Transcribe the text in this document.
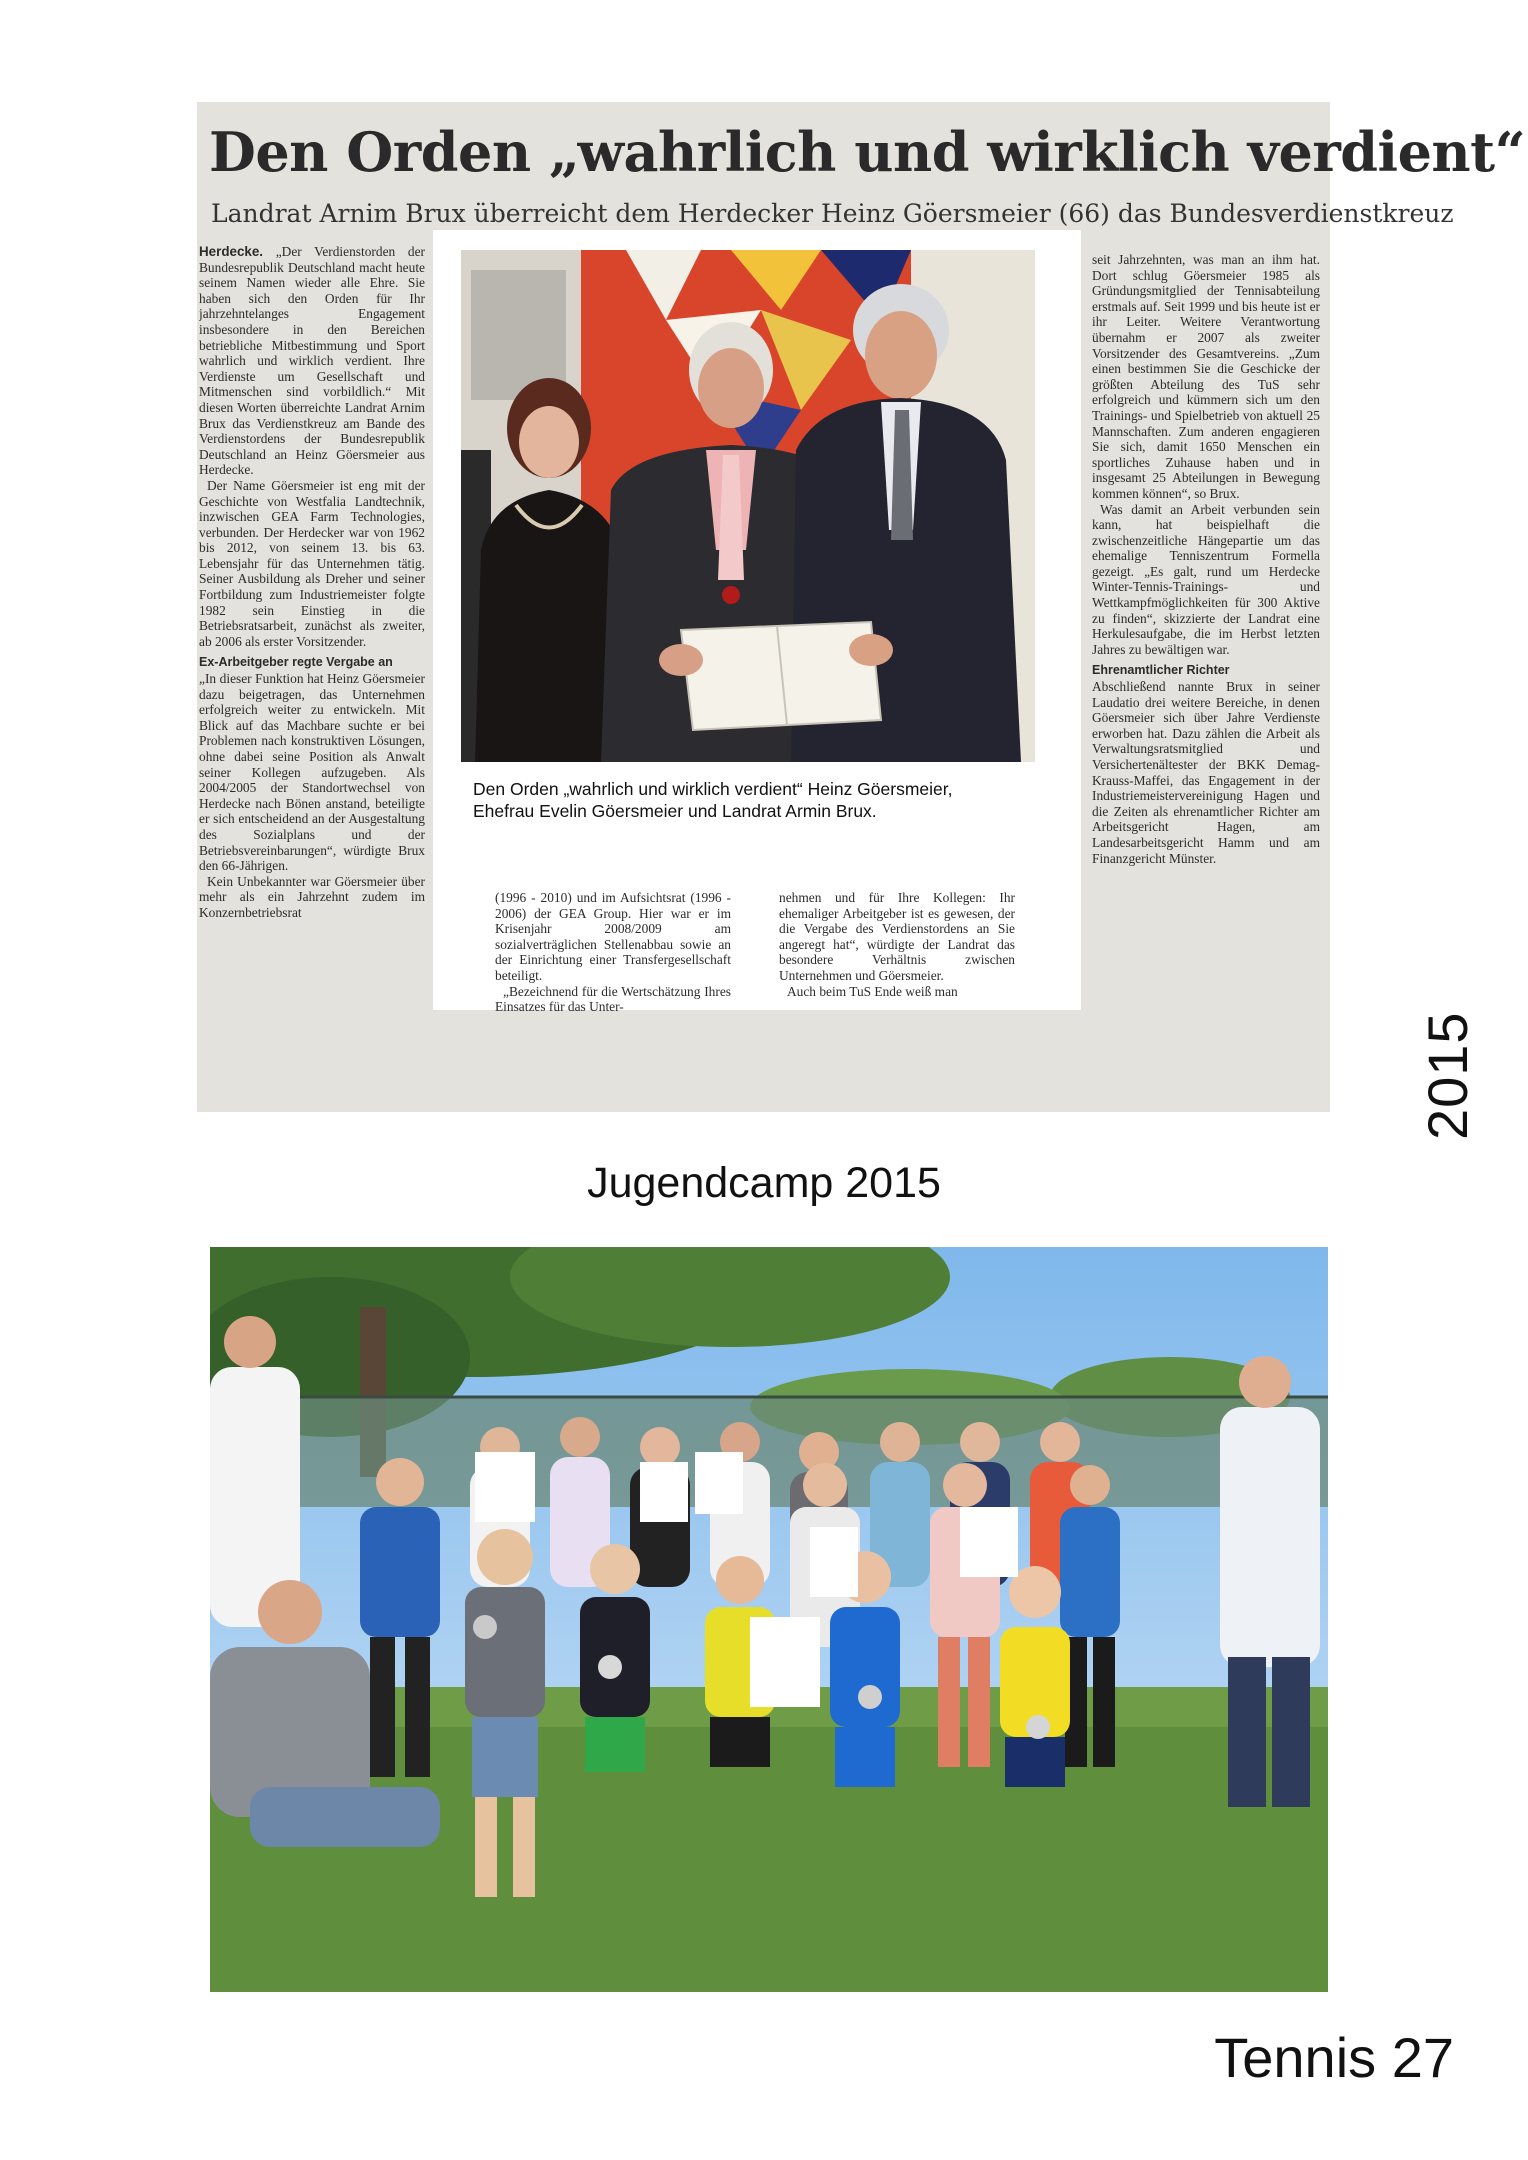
Den Orden „wahrlich und wirklich verdient“
Landrat Arnim Brux überreicht dem Herdecker Heinz Göersmeier (66) das Bundesverdienstkreuz

Herdecke. „Der Verdienstorden der Bundesrepublik Deutschland macht heute seinem Namen wieder alle Ehre. Sie haben sich den Orden für Ihr jahrzehntelanges Engagement insbesondere in den Bereichen betriebliche Mitbestimmung und Sport wahrlich und wirklich verdient. Ihre Verdienste um Gesellschaft und Mitmenschen sind vorbildlich.“ Mit diesen Worten überreichte Landrat Arnim Brux das Verdienstkreuz am Bande des Verdienstordens der Bundesrepublik Deutschland an Heinz Göersmeier aus Herdecke.

Der Name Göersmeier ist eng mit der Geschichte von Westfalia Landtechnik, inzwischen GEA Farm Technologies, verbunden. Der Herdecker war von 1962 bis 2012, von seinem 13. bis 63. Lebensjahr für das Unternehmen tätig. Seiner Ausbildung als Dreher und seiner Fortbildung zum Industriemeister folgte 1982 sein Einstieg in die Betriebsratsarbeit, zunächst als zweiter, ab 2006 als erster Vorsitzender.

Ex-Arbeitgeber regte Vergabe an

„In dieser Funktion hat Heinz Göersmeier dazu beigetragen, das Unternehmen erfolgreich weiter zu entwickeln. Mit Blick auf das Machbare suchte er bei Problemen nach konstruktiven Lösungen, ohne dabei seine Position als Anwalt seiner Kollegen aufzugeben. Als 2004/2005 der Standortwechsel von Herdecke nach Bönen anstand, beteiligte er sich entscheidend an der Ausgestaltung des Sozialplans und der Betriebsvereinbarungen“, würdigte Brux den 66-Jährigen.

Kein Unbekannter war Göersmeier über mehr als ein Jahrzehnt zudem im Konzernbetriebsrat

Den Orden „wahrlich und wirklich verdient“ Heinz Göersmeier,
Ehefrau Evelin Göersmeier und Landrat Armin Brux.

(1996 - 2010) und im Aufsichtsrat (1996 - 2006) der GEA Group. Hier war er im Krisenjahr 2008/2009 am sozialverträglichen Stellenabbau sowie an der Einrichtung einer Transfergesellschaft beteiligt.

„Bezeichnend für die Wertschätzung Ihres Einsatzes für das Unter-

nehmen und für Ihre Kollegen: Ihr ehemaliger Arbeitgeber ist es gewesen, der die Vergabe des Verdienstordens an Sie angeregt hat“, würdigte der Landrat das besondere Verhältnis zwischen Unternehmen und Göersmeier.

Auch beim TuS Ende weiß man

seit Jahrzehnten, was man an ihm hat. Dort schlug Göersmeier 1985 als Gründungsmitglied der Tennisabteilung erstmals auf. Seit 1999 und bis heute ist er ihr Leiter. Weitere Verantwortung übernahm er 2007 als zweiter Vorsitzender des Gesamtvereins. „Zum einen bestimmen Sie die Geschicke der größten Abteilung des TuS sehr erfolgreich und kümmern sich um den Trainings- und Spielbetrieb von aktuell 25 Mannschaften. Zum anderen engagieren Sie sich, damit 1650 Menschen ein sportliches Zuhause haben und in insgesamt 25 Abteilungen in Bewegung kommen können“, so Brux.

Was damit an Arbeit verbunden sein kann, hat beispielhaft die zwischenzeitliche Hängepartie um das ehemalige Tenniszentrum Formella gezeigt. „Es galt, rund um Herdecke Winter-Tennis-Trainings- und Wettkampfmöglichkeiten für 300 Aktive zu finden“, skizzierte der Landrat eine Herkulesaufgabe, die im Herbst letzten Jahres zu bewältigen war.

Ehrenamtlicher Richter

Abschließend nannte Brux in seiner Laudatio drei weitere Bereiche, in denen Göersmeier sich über Jahre Verdienste erworben hat. Dazu zählen die Arbeit als Verwaltungsratsmitglied und Versichertenältester der BKK Demag-Krauss-Maffei, das Engagement in der Industriemeistervereinigung Hagen und die Zeiten als ehrenamtlicher Richter am Arbeitsgericht Hagen, am Landesarbeitsgericht Hamm und am Finanzgericht Münster.

2015
Jugendcamp 2015
Tennis 27
